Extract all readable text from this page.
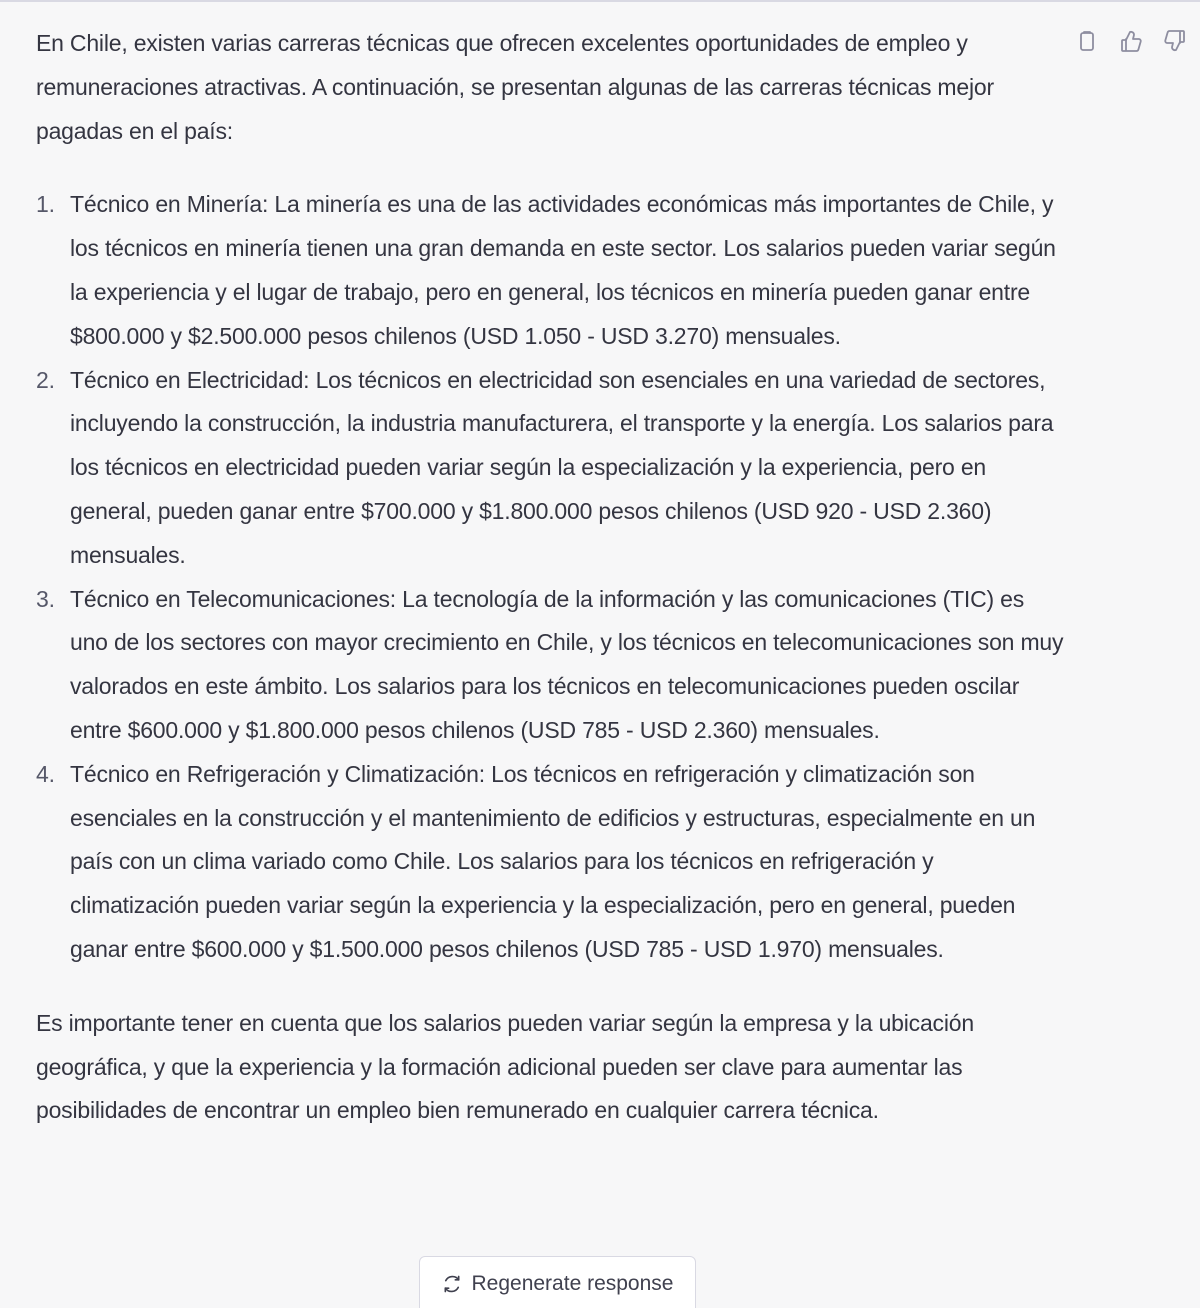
En Chile, existen varias carreras técnicas que ofrecen excelentes oportunidades de empleo y remuneraciones atractivas. A continuación, se presentan algunas de las carreras técnicas mejor pagadas en el país:

1. Técnico en Minería: La minería es una de las actividades económicas más importantes de Chile, y los técnicos en minería tienen una gran demanda en este sector. Los salarios pueden variar según la experiencia y el lugar de trabajo, pero en general, los técnicos en minería pueden ganar entre $800.000 y $2.500.000 pesos chilenos (USD 1.050 - USD 3.270) mensuales.
2. Técnico en Electricidad: Los técnicos en electricidad son esenciales en una variedad de sectores, incluyendo la construcción, la industria manufacturera, el transporte y la energía. Los salarios para los técnicos en electricidad pueden variar según la especialización y la experiencia, pero en general, pueden ganar entre $700.000 y $1.800.000 pesos chilenos (USD 920 - USD 2.360) mensuales.
3. Técnico en Telecomunicaciones: La tecnología de la información y las comunicaciones (TIC) es uno de los sectores con mayor crecimiento en Chile, y los técnicos en telecomunicaciones son muy valorados en este ámbito. Los salarios para los técnicos en telecomunicaciones pueden oscilar entre $600.000 y $1.800.000 pesos chilenos (USD 785 - USD 2.360) mensuales.
4. Técnico en Refrigeración y Climatización: Los técnicos en refrigeración y climatización son esenciales en la construcción y el mantenimiento de edificios y estructuras, especialmente en un país con un clima variado como Chile. Los salarios para los técnicos en refrigeración y climatización pueden variar según la experiencia y la especialización, pero en general, pueden ganar entre $600.000 y $1.500.000 pesos chilenos (USD 785 - USD 1.970) mensuales.

Es importante tener en cuenta que los salarios pueden variar según la empresa y la ubicación geográfica, y que la experiencia y la formación adicional pueden ser clave para aumentar las posibilidades de encontrar un empleo bien remunerado en cualquier carrera técnica.

Regenerate response
